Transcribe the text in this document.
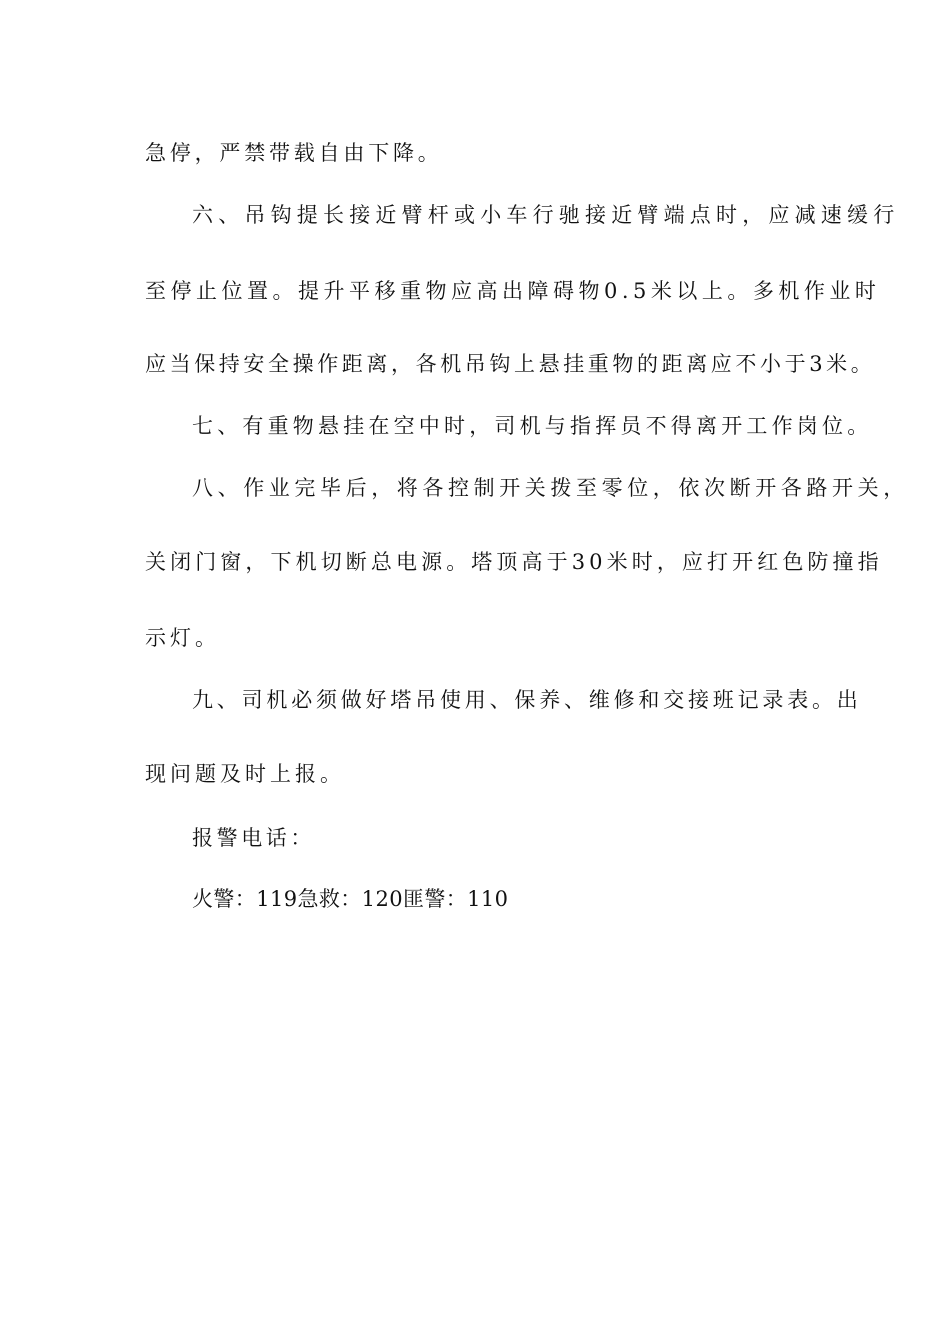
急停，严禁带载自由下降。
六、吊钩提长接近臂杆或小车行驰接近臂端点时，应减速缓行
至停止位置。提升平移重物应高出障碍物0.5米以上。多机作业时
应当保持安全操作距离，各机吊钩上悬挂重物的距离应不小于3米。
七、有重物悬挂在空中时，司机与指挥员不得离开工作岗位。
八、作业完毕后，将各控制开关拨至零位，依次断开各路开关，
关闭门窗，下机切断总电源。塔顶高于30米时，应打开红色防撞指
示灯。
九、司机必须做好塔吊使用、保养、维修和交接班记录表。出
现问题及时上报。
报警电话：
火警：119急救：120匪警：110
